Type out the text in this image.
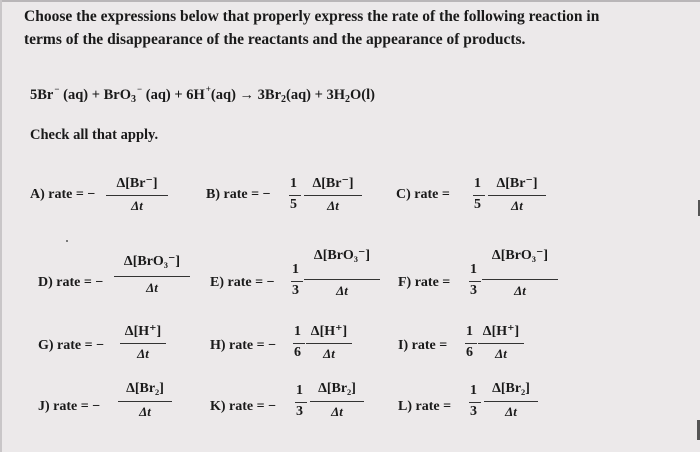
Choose the expressions below that properly express the rate of the following reaction in
terms of the disappearance of the reactants and the appearance of products.
5Br− (aq) + BrO$_3$− $(aq) + 6H^+(aq) \to 3Br_2(aq) + 3H_2O(l)$
Check all that apply.
A) rate = −
Δ[Br⁻]
Δt
B) rate = −
1
5
Δ[Br⁻]
Δt
C) rate =
1
5
Δ[Br⁻]
Δt
D) rate = −
Δ[BrO₃⁻]
Δt	E) rate = −
1
3
Δ[BrO₃⁻]
Δt
F) rate =
1
3
Δ[BrO₃⁻]
Δt
G) rate = −
Δ[H⁺]
Δt
H) rate = −
1
6
Δ[H⁺]
Δt
I) rate =
1
6
Δ[H⁺]
Δt
J) rate = −
Δ[Br₂]
Δt	K) rate = −
1
3
Δ[Br₂]
Δt	L) rate =
1
3
Δ[Br₂]
Δt
